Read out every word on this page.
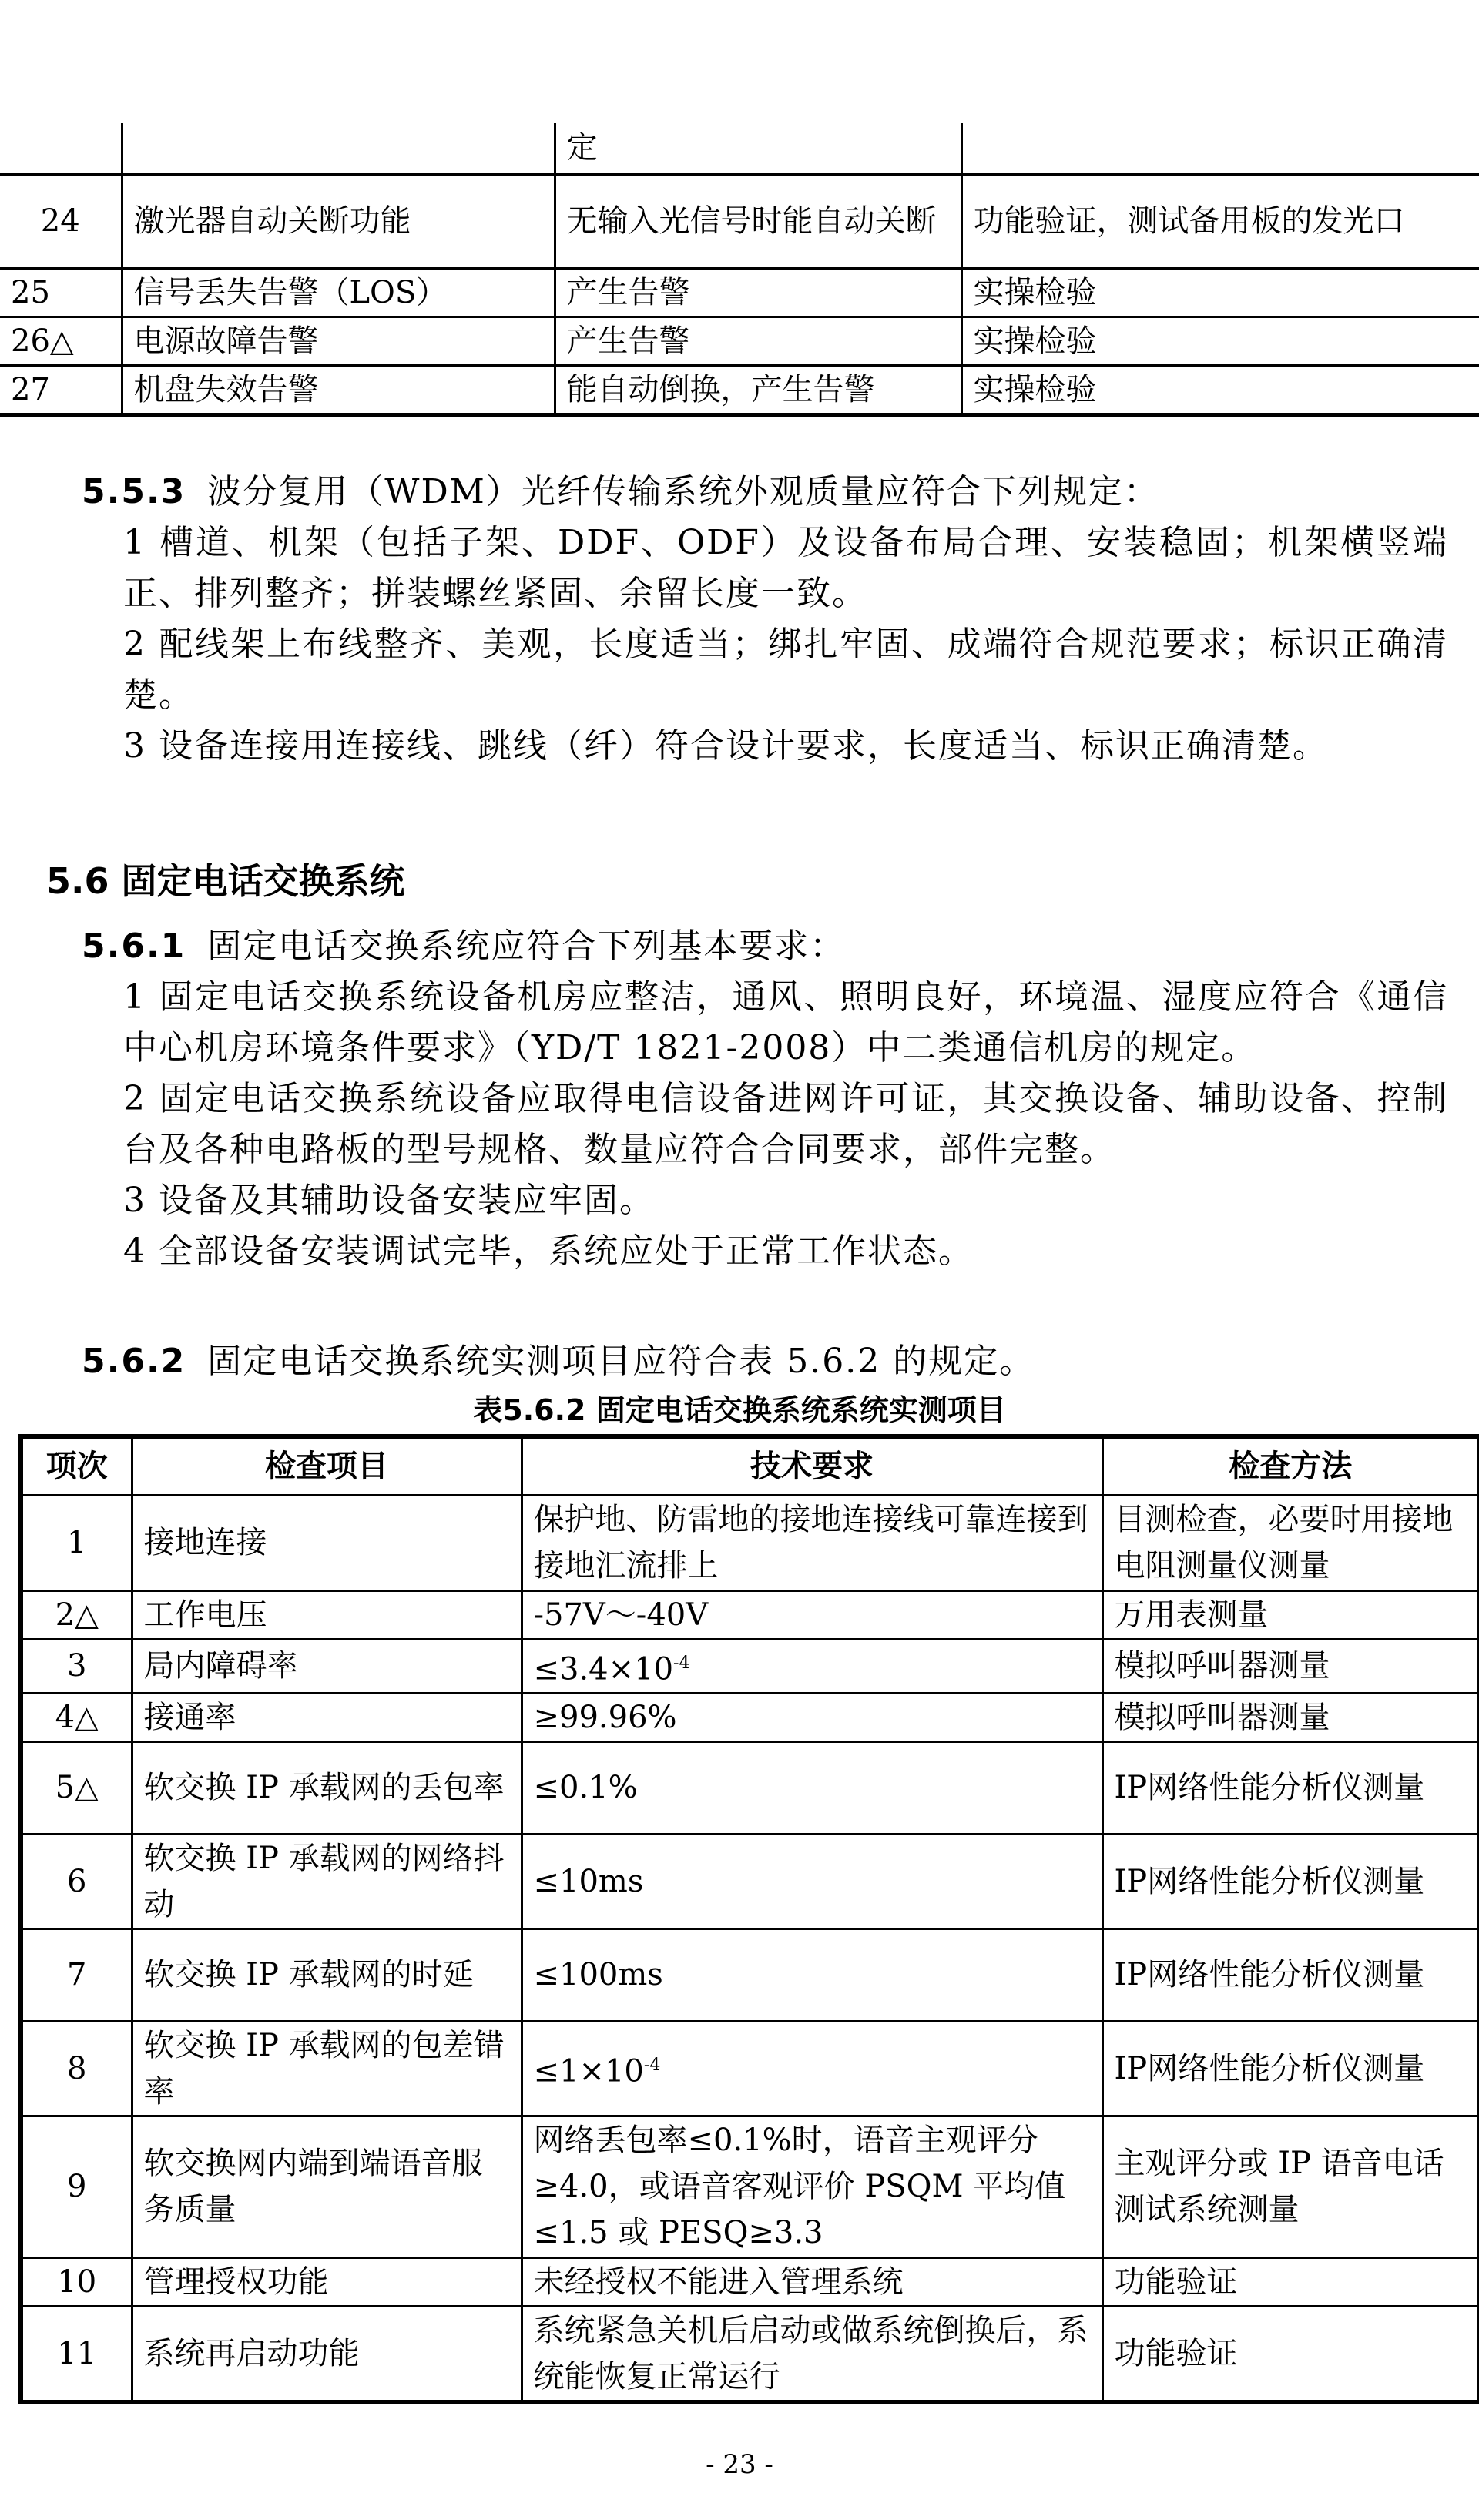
		定	
24	激光器自动关断功能	无输入光信号时能自动关断	功能验证，测试备用板的发光口
25	信号丢失告警（LOS）	产生告警	实操检验
26△	电源故障告警	产生告警	实操检验
27	机盘失效告警	能自动倒换，产生告警	实操检验
5.5.3 波分复用（WDM）光纤传输系统外观质量应符合下列规定：
1 槽道、机架（包括子架、DDF、ODF）及设备布局合理、安装稳固；机架横竖端正、排列整齐；拼装螺丝紧固、余留长度一致。
2 配线架上布线整齐、美观，长度适当；绑扎牢固、成端符合规范要求；标识正确清楚。
3 设备连接用连接线、跳线（纤）符合设计要求，长度适当、标识正确清楚。
5.6 固定电话交换系统
5.6.1 固定电话交换系统应符合下列基本要求：
1 固定电话交换系统设备机房应整洁，通风、照明良好，环境温、湿度应符合《通信中心机房环境条件要求》（YD/T 1821-2008）中二类通信机房的规定。
2 固定电话交换系统设备应取得电信设备进网许可证，其交换设备、辅助设备、控制台及各种电路板的型号规格、数量应符合合同要求，部件完整。
3 设备及其辅助设备安装应牢固。
4 全部设备安装调试完毕，系统应处于正常工作状态。
5.6.2 固定电话交换系统实测项目应符合表 5.6.2 的规定。
表5.6.2 固定电话交换系统系统实测项目
项次	检查项目	技术要求	检查方法
1	接地连接	保护地、防雷地的接地连接线可靠连接到接地汇流排上	目测检查，必要时用接地电阻测量仪测量
2△	工作电压	-57V～-40V	万用表测量
3	局内障碍率	$\le 3.4\times 10^{-4}$	模拟呼叫器测量
4△	接通率	≥99.96%	模拟呼叫器测量
5△	软交换 IP 承载网的丢包率	≤0.1%	IP网络性能分析仪测量
6	软交换 IP 承载网的网络抖动	≤10ms	IP网络性能分析仪测量
7	软交换 IP 承载网的时延	≤100ms	IP网络性能分析仪测量
8	软交换 IP 承载网的包差错率	$\le 1\times 10^{-4}$	IP网络性能分析仪测量
9	软交换网内端到端语音服务质量	网络丢包率≤0.1%时，语音主观评分≥4.0，或语音客观评价 PSQM 平均值≤1.5 或 PESQ≥3.3	主观评分或 IP 语音电话测试系统测量
10	管理授权功能	未经授权不能进入管理系统	功能验证
11	系统再启动功能	系统紧急关机后启动或做系统倒换后，系统能恢复正常运行	功能验证
- 23 -
